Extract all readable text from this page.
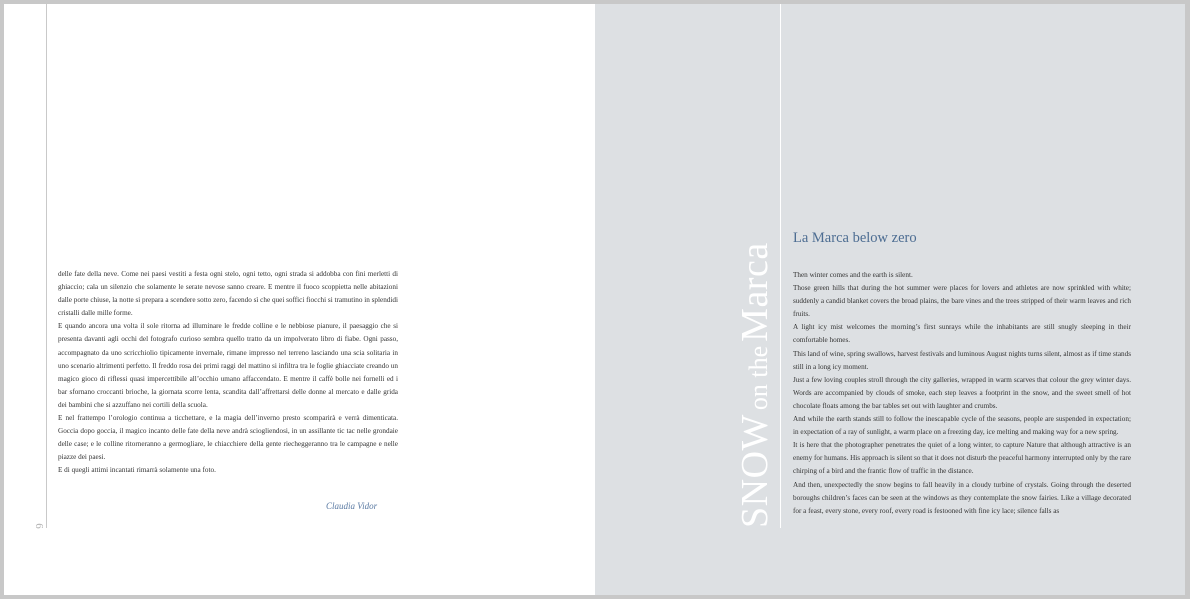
6

delle fate della neve. Come nei paesi vestiti a festa ogni stelo, ogni tetto, ogni strada si addobba con fini merletti di ghiaccio; cala un silenzio che solamente le serate nevose sanno creare. E mentre il fuoco scoppietta nelle abitazioni dalle porte chiuse, la notte si prepara a scendere sotto zero, facendo sì che quei soffici fiocchi si tramutino in splendidi cristalli dalle mille forme.

E quando ancora una volta il sole ritorna ad illuminare le fredde colline e le nebbiose pianure, il paesaggio che si presenta davanti agli occhi del fotografo curioso sembra quello tratto da un impolverato libro di fiabe. Ogni passo, accompagnato da uno scricchiolio tipicamente invernale, rimane impresso nel terreno lasciando una scia solitaria in uno scenario altrimenti perfetto. Il freddo rosa dei primi raggi del mattino si infiltra tra le foglie ghiacciate creando un magico gioco di riflessi quasi impercettibile all’occhio umano affaccendato. E mentre il caffè bolle nei fornelli ed i bar sfornano croccanti brioche, la giornata scorre lenta, scandita dall’affrettarsi delle donne al mercato e dalle grida dei bambini che si azzuffano nei cortili della scuola.

E nel frattempo l’orologio continua a ticchettare, e la magia dell’inverno presto scomparirà e verrà dimenticata. Goccia dopo goccia, il magico incanto delle fate della neve andrà sciogliendosi, in un assillante tic tac nelle grondaie delle case; e le colline ritorneranno a germogliare, le chiacchiere della gente riecheggeranno tra le campagne e nelle piazze dei paesi.

E di quegli attimi incantati rimarrà solamente una foto.

Claudia Vidor	SNOW on the Marca
La Marca below zero

Then winter comes and the earth is silent.

Those green hills that during the hot summer were places for lovers and athletes are now sprinkled with white; suddenly a candid blanket covers the broad plains, the bare vines and the trees stripped of their warm leaves and rich fruits.

A light icy mist welcomes the morning’s first sunrays while the inhabitants are still snugly sleeping in their comfortable homes.

This land of wine, spring swallows, harvest festivals and luminous August nights turns silent, almost as if time stands still in a long icy moment.

Just a few loving couples stroll through the city galleries, wrapped in warm scarves that colour the grey winter days. Words are accompanied by clouds of smoke, each step leaves a footprint in the snow, and the sweet smell of hot chocolate floats among the bar tables set out with laughter and crumbs.

And while the earth stands still to follow the inescapable cycle of the seasons, people are suspended in expectation; in expectation of a ray of sunlight, a warm place on a freezing day, ice melting and making way for a new spring.

It is here that the photographer penetrates the quiet of a long winter, to capture Nature that although attractive is an enemy for humans. His approach is silent so that it does not disturb the peaceful harmony interrupted only by the rare chirping of a bird and the frantic flow of traffic in the distance.

And then, unexpectedly the snow begins to fall heavily in a cloudy turbine of crystals. Going through the deserted boroughs children’s faces can be seen at the windows as they contemplate the snow fairies. Like a village decorated for a feast, every stone, every roof, every road is festooned with fine icy lace; silence falls as
